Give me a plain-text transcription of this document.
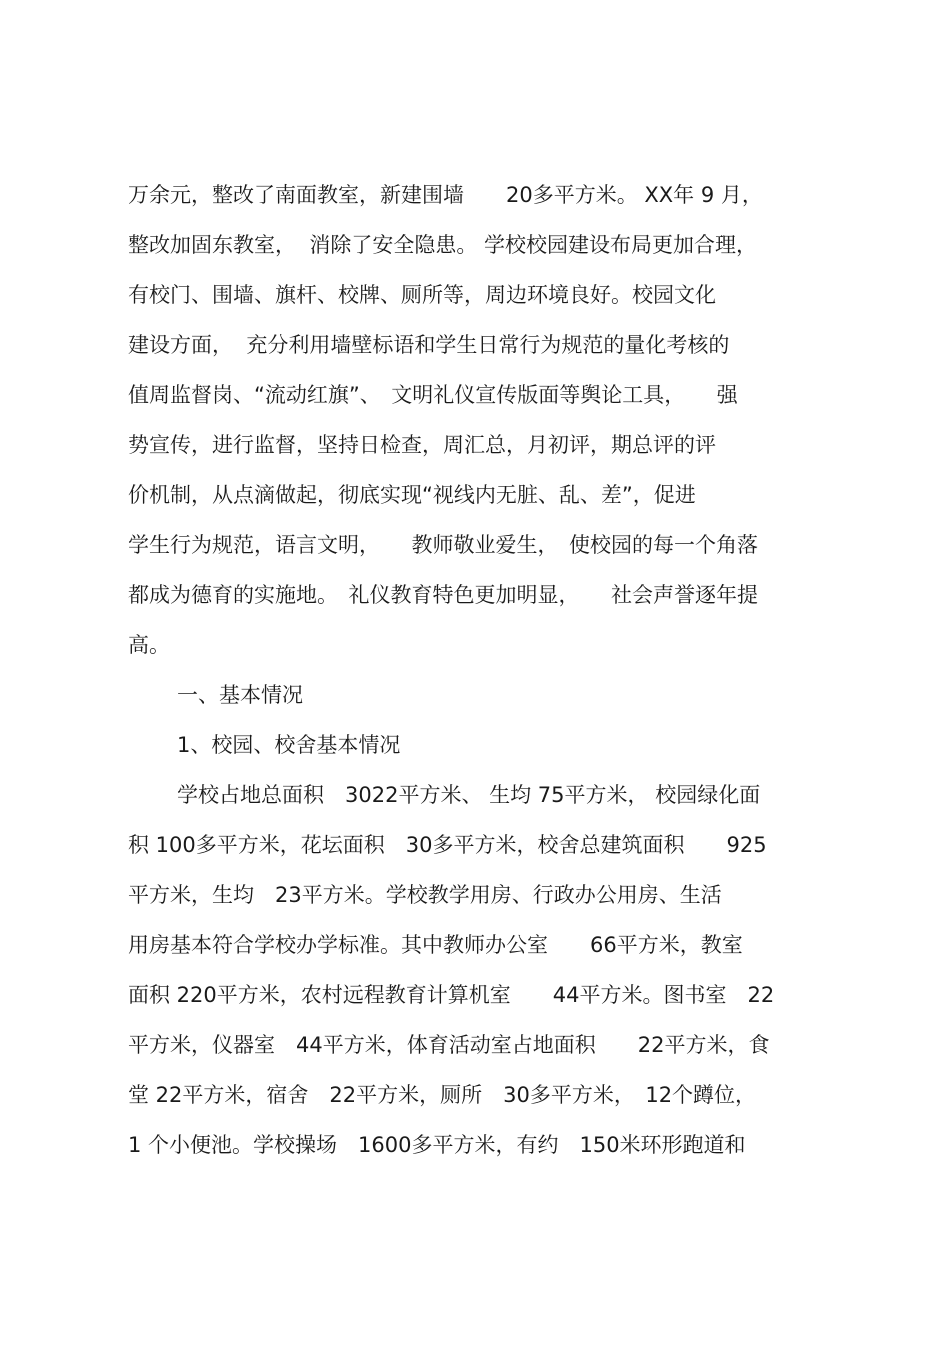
万余元，整改了南面教室，新建围墙　　20多平方米。 XX年 9 月，
整改加固东教室，  消除了安全隐患。 学校校园建设布局更加合理，
有校门、围墙、旗杆、校牌、厕所等，周边环境良好。校园文化
建设方面，  充分利用墙壁标语和学生日常行为规范的量化考核的
值周监督岗、“流动红旗”、　文明礼仪宣传版面等舆论工具，　　强
势宣传，进行监督，坚持日检查，周汇总，月初评，期总评的评
价机制，从点滴做起，彻底实现“视线内无脏、乱、差”，促进
学生行为规范，语言文明，　　教师敬业爱生，　使校园的每一个角落
都成为德育的实施地。　礼仪教育特色更加明显，　　社会声誉逐年提
高。
一、基本情况
1、校园、校舍基本情况
学校占地总面积　3022平方米、 生均 75平方米， 校园绿化面
积 100多平方米，花坛面积　30多平方米，校舍总建筑面积　　925
平方米，生均　23平方米。学校教学用房、行政办公用房、生活
用房基本符合学校办学标准。其中教师办公室　　66平方米，教室
面积 220平方米，农村远程教育计算机室　　44平方米。图书室　22
平方米，仪器室　44平方米，体育活动室占地面积　　22平方米，食
堂 22平方米，宿舍　22平方米，厕所　30多平方米，　12个蹲位，
1 个小便池。学校操场　1600多平方米，有约　150米环形跑道和
